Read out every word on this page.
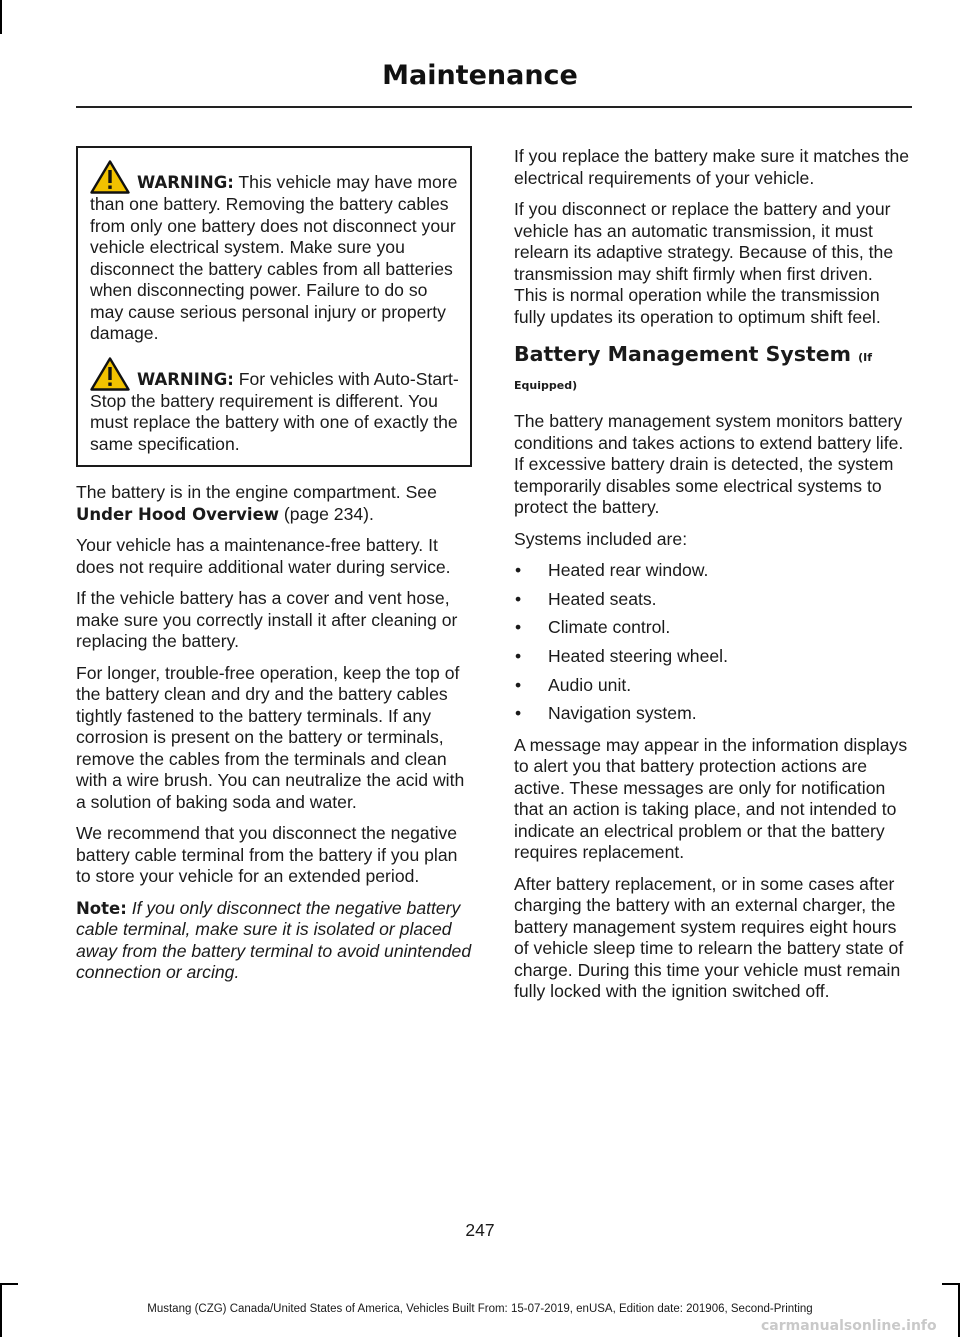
Maintenance

WARNING: This vehicle may have more than one battery. Removing the battery cables from only one battery does not disconnect your vehicle electrical system. Make sure you disconnect the battery cables from all batteries when disconnecting power. Failure to do so may cause serious personal injury or property damage.

WARNING: For vehicles with Auto-Start-Stop the battery requirement is different. You must replace the battery with one of exactly the same specification.

The battery is in the engine compartment. See Under Hood Overview (page 234).

Your vehicle has a maintenance-free battery. It does not require additional water during service.

If the vehicle battery has a cover and vent hose, make sure you correctly install it after cleaning or replacing the battery.

For longer, trouble-free operation, keep the top of the battery clean and dry and the battery cables tightly fastened to the battery terminals. If any corrosion is present on the battery or terminals, remove the cables from the terminals and clean with a wire brush. You can neutralize the acid with a solution of baking soda and water.

We recommend that you disconnect the negative battery cable terminal from the battery if you plan to store your vehicle for an extended period.

Note: If you only disconnect the negative battery cable terminal, make sure it is isolated or placed away from the battery terminal to avoid unintended connection or arcing.

If you replace the battery make sure it matches the electrical requirements of your vehicle.

If you disconnect or replace the battery and your vehicle has an automatic transmission, it must relearn its adaptive strategy. Because of this, the transmission may shift firmly when first driven. This is normal operation while the transmission fully updates its operation to optimum shift feel.

Battery Management System (If Equipped)

The battery management system monitors battery conditions and takes actions to extend battery life. If excessive battery drain is detected, the system temporarily disables some electrical systems to protect the battery.

Systems included are:

• Heated rear window.
• Heated seats.
• Climate control.
• Heated steering wheel.
• Audio unit.
• Navigation system.

A message may appear in the information displays to alert you that battery protection actions are active. These messages are only for notification that an action is taking place, and not intended to indicate an electrical problem or that the battery requires replacement.

After battery replacement, or in some cases after charging the battery with an external charger, the battery management system requires eight hours of vehicle sleep time to relearn the battery state of charge. During this time your vehicle must remain fully locked with the ignition switched off.

247
Mustang (CZG) Canada/United States of America, Vehicles Built From: 15-07-2019, enUSA, Edition date: 201906, Second-Printing
carmanualsonline.info
